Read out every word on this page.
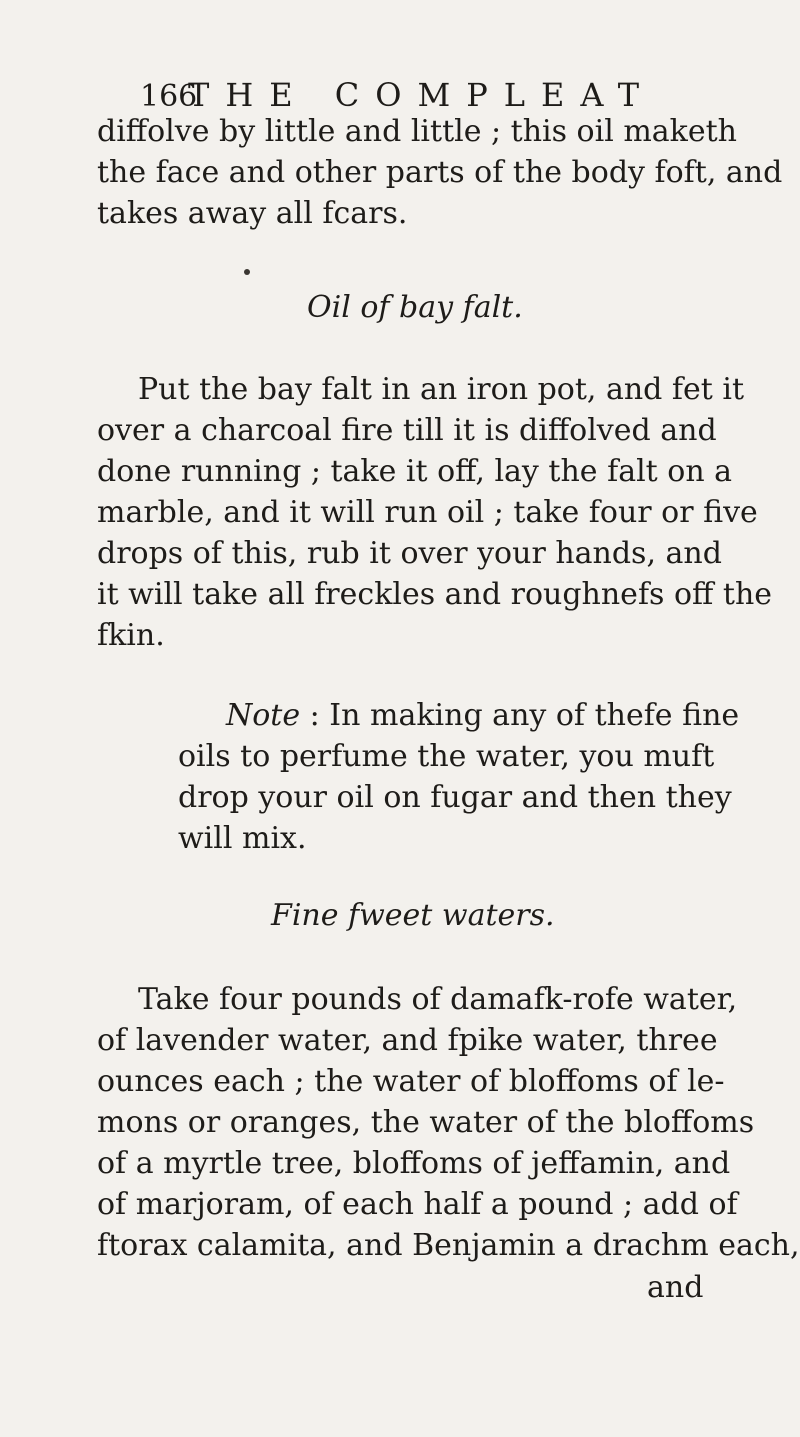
166
THE COMPLEAT
diffolve by little and little ; this oil maketh
the face and other parts of the body foft, and
takes away all fcars.
Oil of bay falt.
Put the bay falt in an iron pot, and fet it
over a charcoal fire till it is diffolved and
done running ; take it off, lay the falt on a
marble, and it will run oil ; take four or five
drops of this, rub it over your hands, and
it will take all freckles and roughnefs off the
fkin.
Note : In making any of thefe fine
oils to perfume the water, you muft
drop your oil on fugar and then they
will mix.
Fine fweet waters.
Take four pounds of damafk-rofe water,
of lavender water, and fpike water, three
ounces each ; the water of bloffoms of le-
mons or oranges, the water of the bloffoms
of a myrtle tree, bloffoms of jeffamin, and
of marjoram, of each half a pound ; add of
ftorax calamita, and Benjamin a drachm each,
and
